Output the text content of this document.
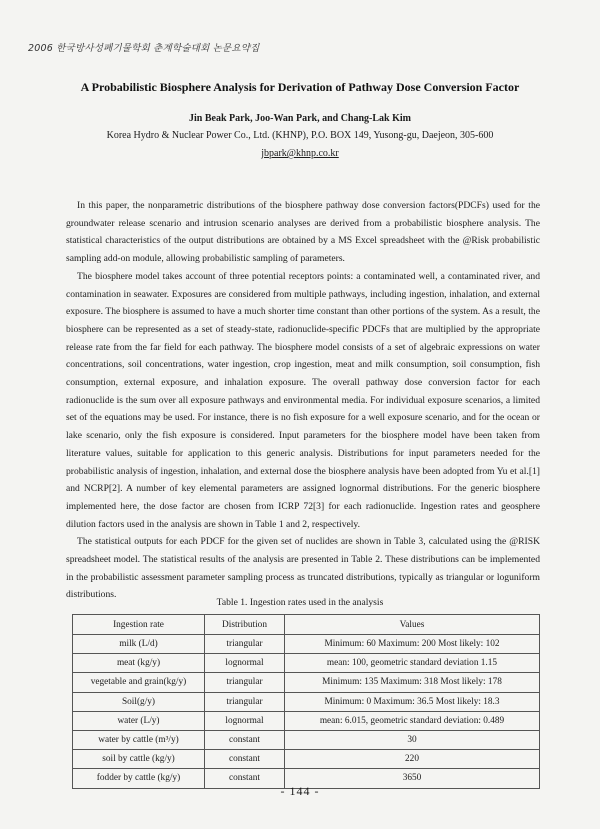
2006 한국방사성폐기물학회 춘계학술대회 논문요약집
A Probabilistic Biosphere Analysis for Derivation of Pathway Dose Conversion Factor
Jin Beak Park, Joo-Wan Park, and Chang-Lak Kim
Korea Hydro & Nuclear Power Co., Ltd. (KHNP), P.O. BOX 149, Yusong-gu, Daejeon, 305-600
jbpark@khnp.co.kr

In this paper, the nonparametric distributions of the biosphere pathway dose conversion factors(PDCFs) used for the groundwater release scenario and intrusion scenario analyses are derived from a probabilistic biosphere analysis. The statistical characteristics of the output distributions are obtained by a MS Excel spreadsheet with the @Risk probabilistic sampling add-on module, allowing probabilistic sampling of parameters.

The biosphere model takes account of three potential receptors points: a contaminated well, a contaminated river, and contamination in seawater. Exposures are considered from multiple pathways, including ingestion, inhalation, and external exposure. The biosphere is assumed to have a much shorter time constant than other portions of the system. As a result, the biosphere can be represented as a set of steady-state, radionuclide-specific PDCFs that are multiplied by the appropriate release rate from the far field for each pathway. The biosphere model consists of a set of algebraic expressions on water concentrations, soil concentrations, water ingestion, crop ingestion, meat and milk consumption, soil consumption, fish consumption, external exposure, and inhalation exposure. The overall pathway dose conversion factor for each radionuclide is the sum over all exposure pathways and environmental media. For individual exposure scenarios, a limited set of the equations may be used. For instance, there is no fish exposure for a well exposure scenario, and for the ocean or lake scenario, only the fish exposure is considered. Input parameters for the biosphere model have been taken from literature values, suitable for application to this generic analysis. Distributions for input parameters needed for the probabilistic analysis of ingestion, inhalation, and external dose the biosphere analysis have been adopted from Yu et al.[1] and NCRP[2]. A number of key elemental parameters are assigned lognormal distributions. For the generic biosphere implemented here, the dose factor are chosen from ICRP 72[3] for each radionuclide. Ingestion rates and geosphere dilution factors used in the analysis are shown in Table 1 and 2, respectively.

The statistical outputs for each PDCF for the given set of nuclides are shown in Table 3, calculated using the @RISK spreadsheet model. The statistical results of the analysis are presented in Table 2. These distributions can be implemented in the probabilistic assessment parameter sampling process as truncated distributions, typically as triangular or loguniform distributions.

Table 1. Ingestion rates used in the analysis
Ingestion rate	Distribution	Values
milk (L/d)	triangular	Minimum: 60 Maximum: 200 Most likely: 102
meat (kg/y)	lognormal	mean: 100, geometric standard deviation 1.15
vegetable and grain(kg/y)	triangular	Minimum: 135 Maximum: 318 Most likely: 178
Soil(g/y)	triangular	Minimum: 0 Maximum: 36.5 Most likely: 18.3
water (L/y)	lognormal	mean: 6.015, geometric standard deviation: 0.489
water by cattle (m³/y)	constant	30
soil by cattle (kg/y)	constant	220
fodder by cattle (kg/y)	constant	3650
- 144 -
